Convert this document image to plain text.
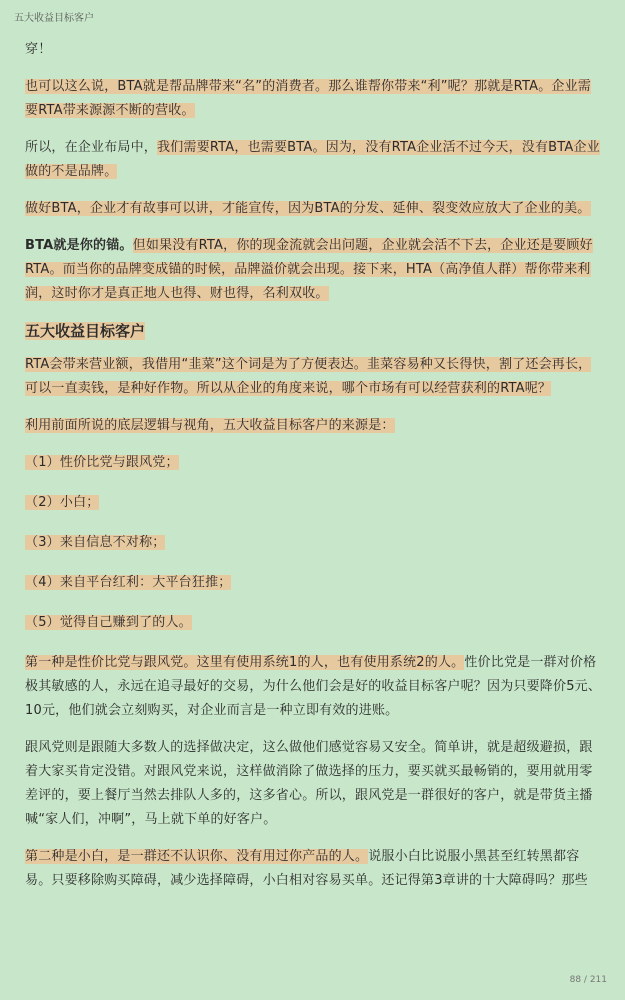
五大收益目标客户

穿！

也可以这么说，BTA就是帮品牌带来“名”的消费者。那么谁帮你带来“利”呢？那就是RTA。企业需要RTA带来源源不断的营收。

所以，在企业布局中，我们需要RTA，也需要BTA。因为，没有RTA企业活不过今天，没有BTA企业做的不是品牌。

做好BTA，企业才有故事可以讲，才能宣传，因为BTA的分发、延伸、裂变效应放大了企业的美。

BTA就是你的锚。但如果没有RTA，你的现金流就会出问题，企业就会活不下去，企业还是要顾好RTA。而当你的品牌变成锚的时候，品牌溢价就会出现。接下来，HTA（高净值人群）帮你带来利润，这时你才是真正地人也得、财也得，名利双收。

五大收益目标客户

RTA会带来营业额，我借用“韭菜”这个词是为了方便表达。韭菜容易种又长得快，割了还会再长，可以一直卖钱，是种好作物。所以从企业的角度来说，哪个市场有可以经营获利的RTA呢？

利用前面所说的底层逻辑与视角，五大收益目标客户的来源是：

（1）性价比党与跟风党；

（2）小白；

（3）来自信息不对称；

（4）来自平台红利：大平台狂推；

（5）觉得自己赚到了的人。

第一种是性价比党与跟风党。这里有使用系统1的人，也有使用系统2的人。性价比党是一群对价格极其敏感的人，永远在追寻最好的交易，为什么他们会是好的收益目标客户呢？因为只要降价5元、10元，他们就会立刻购买，对企业而言是一种立即有效的进账。

跟风党则是跟随大多数人的选择做决定，这么做他们感觉容易又安全。简单讲，就是超级避损，跟着大家买肯定没错。对跟风党来说，这样做消除了做选择的压力，要买就买最畅销的，要用就用零差评的，要上餐厅当然去排队人多的，这多省心。所以，跟风党是一群很好的客户，就是带货主播喊“家人们，冲啊”，马上就下单的好客户。

第二种是小白，是一群还不认识你、没有用过你产品的人。说服小白比说服小黑甚至红转黑都容易。只要移除购买障碍，减少选择障碍，小白相对容易买单。还记得第3章讲的十大障碍吗？那些

88 / 211
